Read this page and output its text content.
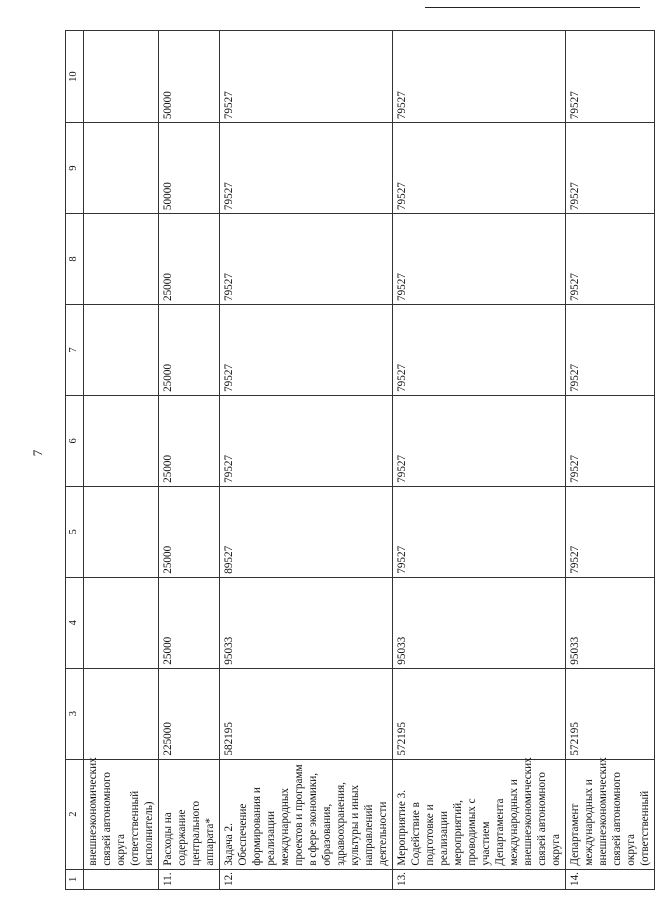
7
1	2	3	4	5	6	7	8	9	10
	внешнеэкономических связей автономного округа (ответственный исполнитель)								
11.	Расходы на содержание центрального аппарата*	225000	25000	25000	25000	25000	25000	50000	50000
12.	Задача 2. Обеспечение формирования и реализации международных проектов и программ в сфере экономики, образования, здравоохранения, культуры и иных направлений деятельности	582195	95033	89527	79527	79527	79527	79527	79527
13.	Мероприятие 3. Содействие в подготовке и реализации мероприятий, проводимых с участием Департамента международных и внешнеэкономических связей автономного округа	572195	95033	79527	79527	79527	79527	79527	79527
14.	Департамент международных и внешнеэкономических связей автономного округа (ответственный	572195	95033	79527	79527	79527	79527	79527	79527
